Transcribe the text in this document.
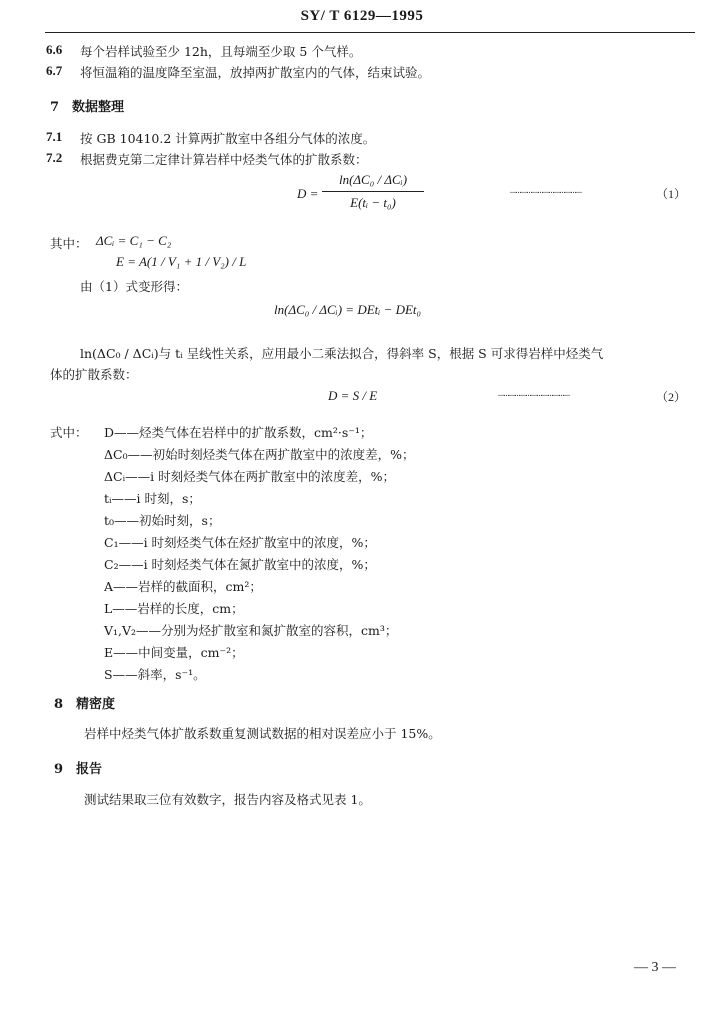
SY/ T 6129—1995
6.6 每个岩样试验至少 12h，且每端至少取 5 个气样。
6.7 将恒温箱的温度降至室温，放掉两扩散室内的气体，结束试验。
7　数据整理
7.1 按 GB 10410.2 计算两扩散室中各组分气体的浓度。
7.2 根据费克第二定律计算岩样中烃类气体的扩散系数：
D =
ln(ΔC₀ / ΔCᵢ)
E(tᵢ − t₀)
…………………………………	（1）
其中： ΔCᵢ = C₁ − C₂
E = A(1 / V₁ + 1 / V₂) / L
由（1）式变形得：
ln(ΔC₀ / ΔCᵢ) = DEtᵢ − DEt₀
ln(ΔC₀ / ΔCᵢ)与 tᵢ 呈线性关系，应用最小二乘法拟合，得斜率 S，根据 S 可求得岩样中烃类气
体的扩散系数：
D = S / E	…………………………………	（2）
式中： D——烃类气体在岩样中的扩散系数，cm²·s⁻¹；
ΔC₀——初始时刻烃类气体在两扩散室中的浓度差，%；
ΔCᵢ——i 时刻烃类气体在两扩散室中的浓度差，%；
tᵢ——i 时刻，s；
t₀——初始时刻，s；
C₁——i 时刻烃类气体在烃扩散室中的浓度，%；
C₂——i 时刻烃类气体在氮扩散室中的浓度，%；
A——岩样的截面积，cm²；
L——岩样的长度，cm；
V₁,V₂——分别为烃扩散室和氮扩散室的容积，cm³；
E——中间变量，cm⁻²；
S——斜率，s⁻¹。
8　精密度
岩样中烃类气体扩散系数重复测试数据的相对误差应小于 15%。
9　报告
测试结果取三位有效数字，报告内容及格式见表 1。
— 3 —
